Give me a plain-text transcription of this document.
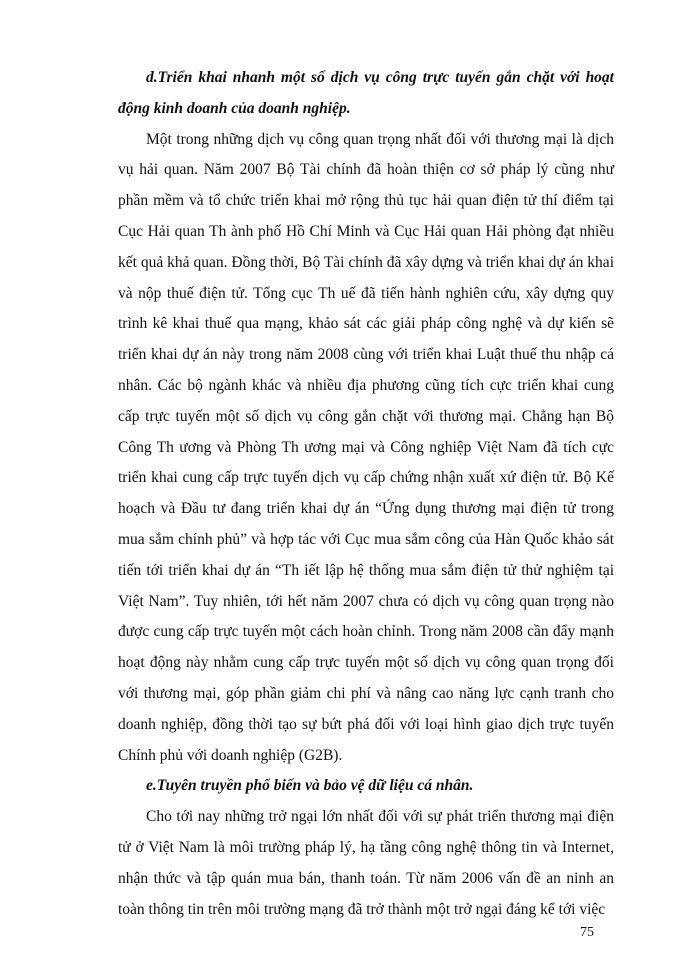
d.Triển khai nhanh một số dịch vụ công trực tuyến gắn chặt với hoạt động kinh doanh của doanh nghiệp.

Một trong những dịch vụ công quan trọng nhất đối với thương mại là dịch vụ hải quan. Năm 2007 Bộ Tài chính đã hoàn thiện cơ sở pháp lý cũng như phần mềm và tổ chức triển khai mở rộng thủ tục hải quan điện tử thí điểm tại Cục Hải quan Th ành phố Hồ Chí Minh và Cục Hải quan Hải phòng đạt nhiều kết quả khả quan. Đồng thời, Bộ Tài chính đã xây dựng và triển khai dự án khai và nộp thuế điện tử. Tổng cục Th uế đã tiến hành nghiên cứu, xây dựng quy trình kê khai thuế qua mạng, khảo sát các giải pháp công nghệ và dự kiến sẽ triển khai dự án này trong năm 2008 cùng với triển khai Luật thuế thu nhập cá nhân. Các bộ ngành khác và nhiều địa phương cũng tích cực triển khai cung cấp trực tuyến một số dịch vụ công gắn chặt với thương mại. Chẳng hạn Bộ Công Th ương và Phòng Th ương mại và Công nghiệp Việt Nam đã tích cực triển khai cung cấp trực tuyến dịch vụ cấp chứng nhận xuất xứ điện tử. Bộ Kế hoạch và Đầu tư đang triển khai dự án “Ứng dụng thương mại điện tử trong mua sắm chính phủ” và hợp tác với Cục mua sắm công của Hàn Quốc khảo sát tiến tới triển khai dự án “Th iết lập hệ thống mua sắm điện tử thử nghiệm tại Việt Nam”. Tuy nhiên, tới hết năm 2007 chưa có dịch vụ công quan trọng nào được cung cấp trực tuyến một cách hoàn chỉnh. Trong năm 2008 cần đẩy mạnh hoạt động này nhằm cung cấp trực tuyến một số dịch vụ công quan trọng đối với thương mại, góp phần giảm chi phí và nâng cao năng lực cạnh tranh cho doanh nghiệp, đồng thời tạo sự bứt phá đối với loại hình giao dịch trực tuyến Chính phủ với doanh nghiệp (G2B).

e.Tuyên truyền phổ biến và bảo vệ dữ liệu cá nhân.

Cho tới nay những trở ngại lớn nhất đối với sự phát triển thương mại điện tử ở Việt Nam là môi trường pháp lý, hạ tầng công nghệ thông tin và Internet, nhận thức và tập quán mua bán, thanh toán. Từ năm 2006 vấn đề an ninh an toàn thông tin trên môi trường mạng đã trở thành một trở ngại đáng kể tới việc

75
